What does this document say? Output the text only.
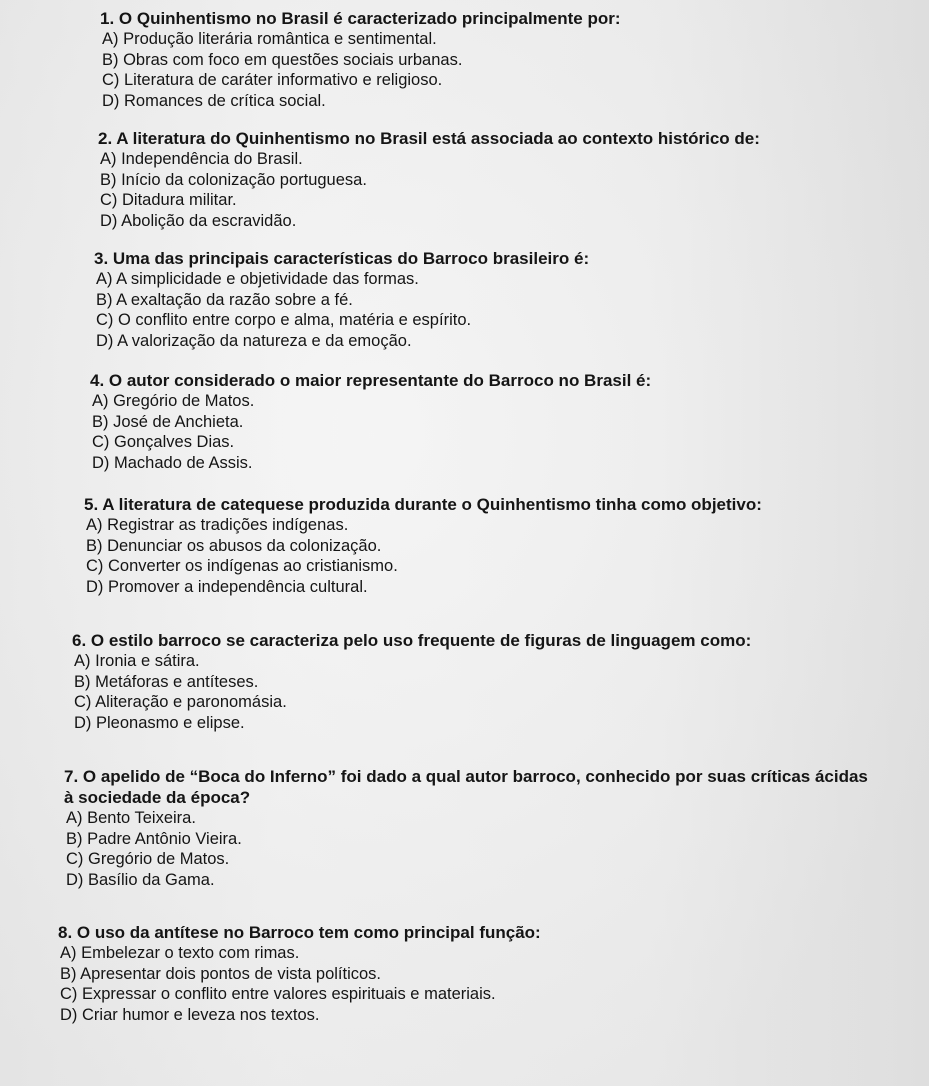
1. O Quinhentismo no Brasil é caracterizado principalmente por:

A) Produção literária romântica e sentimental.

B) Obras com foco em questões sociais urbanas.

C) Literatura de caráter informativo e religioso.

D) Romances de crítica social.

2. A literatura do Quinhentismo no Brasil está associada ao contexto histórico de:

A) Independência do Brasil.

B) Início da colonização portuguesa.

C) Ditadura militar.

D) Abolição da escravidão.

3. Uma das principais características do Barroco brasileiro é:

A) A simplicidade e objetividade das formas.

B) A exaltação da razão sobre a fé.

C) O conflito entre corpo e alma, matéria e espírito.

D) A valorização da natureza e da emoção.

4. O autor considerado o maior representante do Barroco no Brasil é:

A) Gregório de Matos.

B) José de Anchieta.

C) Gonçalves Dias.

D) Machado de Assis.

5. A literatura de catequese produzida durante o Quinhentismo tinha como objetivo:

A) Registrar as tradições indígenas.

B) Denunciar os abusos da colonização.

C) Converter os indígenas ao cristianismo.

D) Promover a independência cultural.

6. O estilo barroco se caracteriza pelo uso frequente de figuras de linguagem como:

A) Ironia e sátira.

B) Metáforas e antíteses.

C) Aliteração e paronomásia.

D) Pleonasmo e elipse.

7. O apelido de “Boca do Inferno” foi dado a qual autor barroco, conhecido por suas críticas ácidas à sociedade da época?

A) Bento Teixeira.

B) Padre Antônio Vieira.

C) Gregório de Matos.

D) Basílio da Gama.

8. O uso da antítese no Barroco tem como principal função:

A) Embelezar o texto com rimas.

B) Apresentar dois pontos de vista políticos.

C) Expressar o conflito entre valores espirituais e materiais.

D) Criar humor e leveza nos textos.
